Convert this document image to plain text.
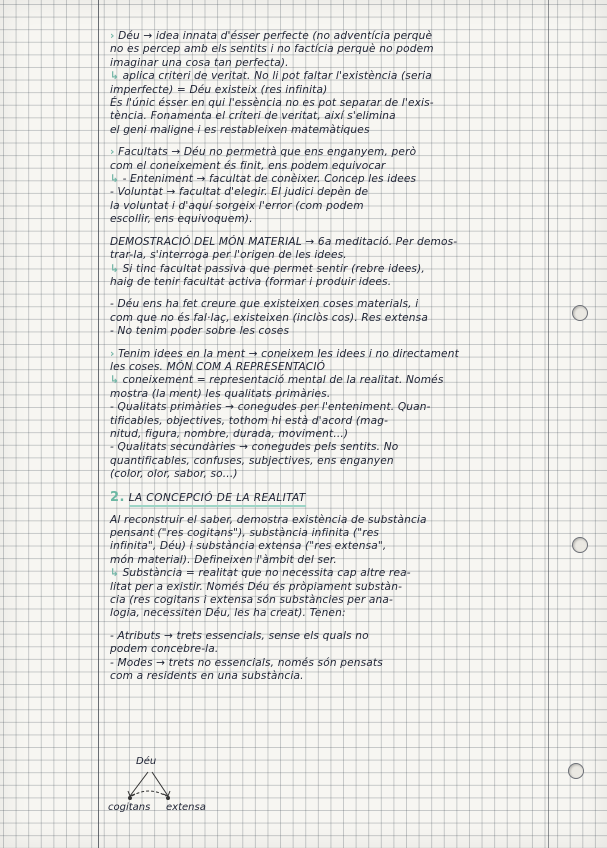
› Déu → idea innata d'ésser perfecte (no adventícia perquè
no es percep amb els sentits i no factícia perquè no podem
imaginar una cosa tan perfecta).
↳ aplica criteri de veritat. No li pot faltar l'existència (seria
imperfecte) = Déu existeix (res infinita)
És l'únic ésser en qui l'essència no es pot separar de l'exis-
tència. Fonamenta el criteri de veritat, així s'elimina
el geni maligne i es restableixen matemàtiques
› Facultats → Déu no permetrà que ens enganyem, però
com el coneixement és finit, ens podem equivocar
↳ - Enteniment → facultat de conèixer. Concep les idees
- Voluntat → facultat d'elegir. El judici depèn de
la voluntat i d'aquí sorgeix l'error (com podem
escollir, ens equivoquem).
DEMOSTRACIÓ DEL MÓN MATERIAL → 6a meditació. Per demos-
trar-la, s'interroga per l'origen de les idees.
↳ Si tinc facultat passiva que permet sentir (rebre idees),
haig de tenir facultat activa (formar i produir idees.
- Déu ens ha fet creure que existeixen coses materials, i
com que no és fal·laç, existeixen (inclòs cos). Res extensa
- No tenim poder sobre les coses
› Tenim idees en la ment → coneixem les idees i no directament
les coses. MÓN COM A REPRESENTACIÓ
↳ coneixement = representació mental de la realitat. Només
mostra (la ment) les qualitats primàries.
- Qualitats primàries → conegudes per l'enteniment. Quan-
tificables, objectives, tothom hi està d'acord (mag-
nitud, figura, nombre, durada, moviment...)
- Qualitats secundàries → conegudes pels sentits. No
quantificables, confuses, subjectives, ens enganyen
(color, olor, sabor, so...)
2. LA CONCEPCIÓ DE LA REALITAT
Al reconstruir el saber, demostra existència de substància
pensant ("res cogitans"), substància infinita ("res
infinita", Déu) i substància extensa ("res extensa",
món material). Defineixen l'àmbit del ser.
↳ Substància = realitat que no necessita cap altre rea-
litat per a existir. Només Déu és pròpiament substàn-
cia (res cogitans i extensa són substàncies per ana-
logia, necessiten Déu, les ha creat). Tenen:
- Atributs → trets essencials, sense els quals no
podem concebre-la.
- Modes → trets no essencials, només són pensats
com a residents en una substància.
Déu
cogitans extensa
